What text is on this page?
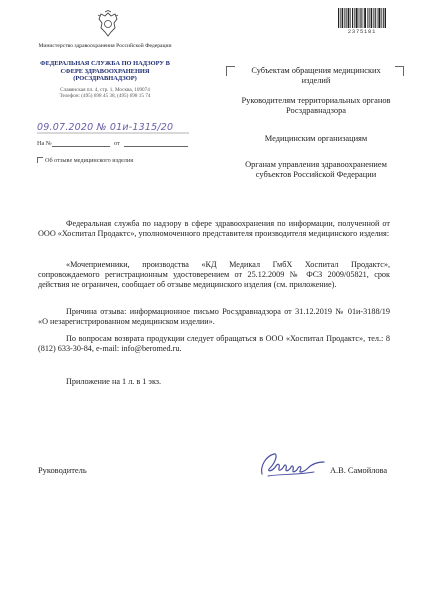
Министерство здравоохранения Российской Федерации
ФЕДЕРАЛЬНАЯ СЛУЖБА ПО НАДЗОРУ В СФЕРЕ ЗДРАВООХРАНЕНИЯ (РОСЗДРАВНАДЗОР)
Славянская пл. 4, стр. 1, Москва, 109074
Телефон: (495) 698 45 38, (495) 698 15 74
09.07.2020 № 01и-1315/20
На №	от
Об отзыве медицинского изделия
2375181
Субъектам обращения медицинских изделий
Руководителям территориальных органов Росздравнадзора
Медицинским организациям
Органам управления здравоохранением субъектов Российской Федерации
Федеральная служба по надзору в сфере здравоохранения по информации, полученной от ООО «Хоспитал Продактс», уполномоченного представителя производителя медицинского изделия:
«Мочеприемники, производства «КД Медикал ГмбХ Хоспитал Продактс», сопровождаемого регистрационным удостоверением от 25.12.2009 № ФСЗ 2009/05821, срок действия не ограничен, сообщает об отзыве медицинского изделия (см. приложение).
Причина отзыва: информационное письмо Росздравнадзора от 31.12.2019 № 01и-3188/19 «О незарегистрированном медицинском изделии».
По вопросам возврата продукции следует обращаться в ООО «Хоспитал Продактс», тел.: 8 (812) 633-30-84, e-mail: info@beromed.ru.
Приложение на 1 л. в 1 экз.
Руководитель	А.В. Самойлова
